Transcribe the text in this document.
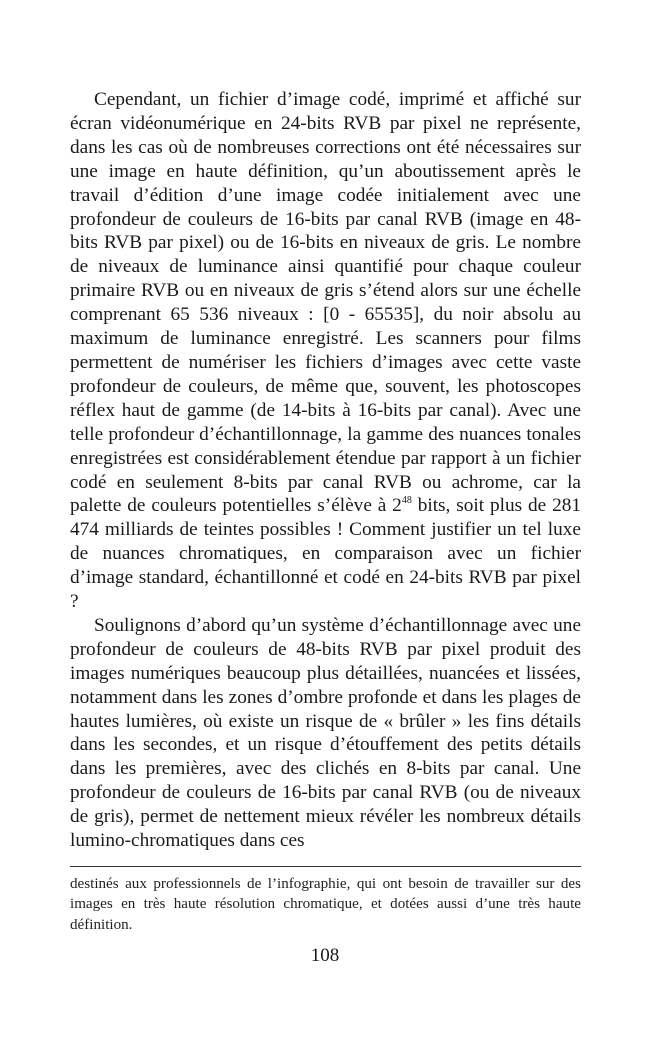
Cependant, un fichier d’image codé, imprimé et affiché sur écran vidéonumérique en 24-bits RVB par pixel ne représente, dans les cas où de nombreuses corrections ont été nécessaires sur une image en haute définition, qu’un aboutissement après le travail d’édition d’une image codée initialement avec une profondeur de couleurs de 16-bits par canal RVB (image en 48-bits RVB par pixel) ou de 16-bits en niveaux de gris. Le nombre de niveaux de luminance ainsi quantifié pour chaque couleur primaire RVB ou en niveaux de gris s’étend alors sur une échelle comprenant 65 536 niveaux : [0 - 65535], du noir absolu au maximum de luminance enregistré. Les scanners pour films permettent de numériser les fichiers d’images avec cette vaste profondeur de couleurs, de même que, souvent, les photoscopes réflex haut de gamme (de 14-bits à 16-bits par canal). Avec une telle profondeur d’échantillonnage, la gamme des nuances tonales enregistrées est considérablement étendue par rapport à un fichier codé en seulement 8-bits par canal RVB ou achrome, car la palette de couleurs potentielles s’élève à $2^{48}$ bits, soit plus de 281 474 milliards de teintes possibles ! Comment justifier un tel luxe de nuances chromatiques, en comparaison avec un fichier d’image standard, échantillonné et codé en 24-bits RVB par pixel ?

Soulignons d’abord qu’un système d’échantillonnage avec une profondeur de couleurs de 48-bits RVB par pixel produit des images numériques beaucoup plus détaillées, nuancées et lissées, notamment dans les zones d’ombre profonde et dans les plages de hautes lumières, où existe un risque de « brûler » les fins détails dans les secondes, et un risque d’étouffement des petits détails dans les premières, avec des clichés en 8-bits par canal. Une profondeur de couleurs de 16-bits par canal RVB (ou de niveaux de gris), permet de nettement mieux révéler les nombreux détails lumino-chromatiques dans ces

destinés aux professionnels de l’infographie, qui ont besoin de travailler sur des images en très haute résolution chromatique, et dotées aussi d’une très haute définition.

108
